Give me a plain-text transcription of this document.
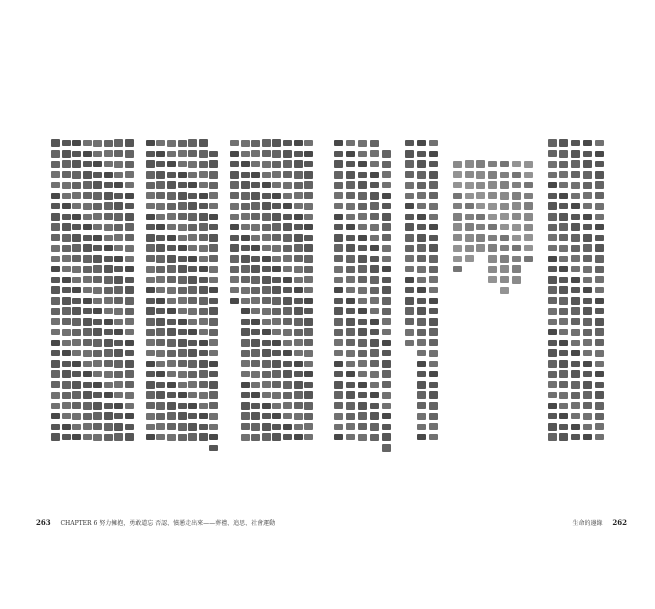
263 CHAPTER 6 努力擁抱，勇敢道忘 否認、憤懣走出來——葬禮、追思、社會運動	生命的邊緣 262
